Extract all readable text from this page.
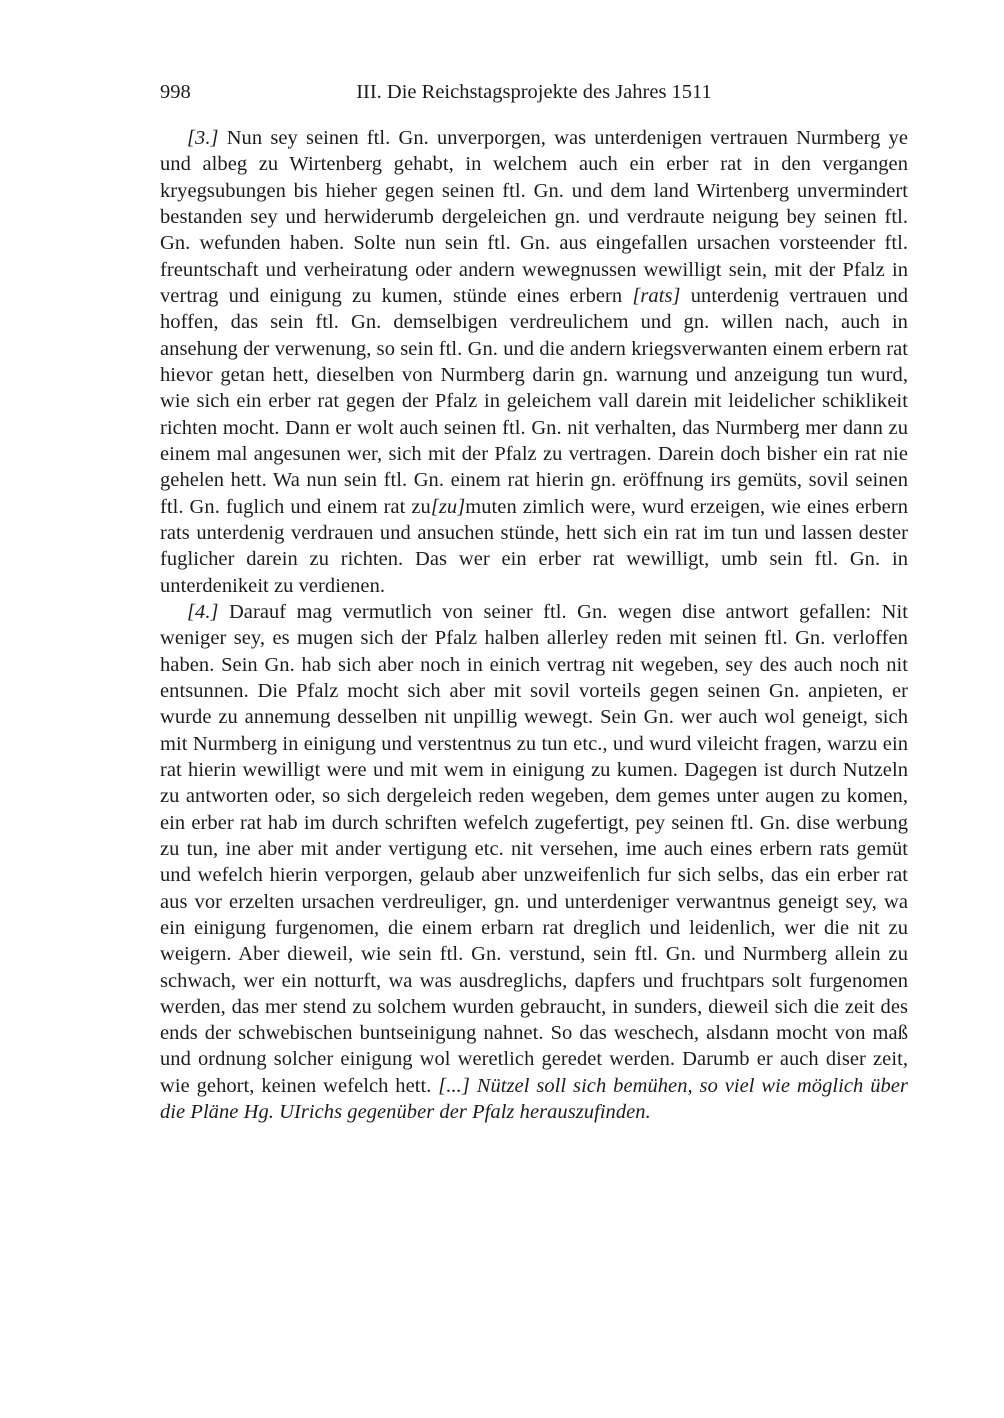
998	III. Die Reichstagsprojekte des Jahres 1511

[3.] Nun sey seinen ftl. Gn. unverporgen, was unterdenigen vertrauen Nurmberg ye und albeg zu Wirtenberg gehabt, in welchem auch ein erber rat in den vergangen kryegsubungen bis hieher gegen seinen ftl. Gn. und dem land Wirtenberg unvermindert bestanden sey und herwiderumb dergeleichen gn. und verdraute neigung bey seinen ftl. Gn. wefunden haben. Solte nun sein ftl. Gn. aus eingefallen ursachen vorsteender ftl. freuntschaft und verheiratung oder andern wewegnussen wewilligt sein, mit der Pfalz in vertrag und einigung zu kumen, stünde eines erbern [rats] unterdenig vertrauen und hoffen, das sein ftl. Gn. demselbigen verdreulichem und gn. willen nach, auch in ansehung der verwenung, so sein ftl. Gn. und die andern kriegsverwanten einem erbern rat hievor getan hett, dieselben von Nurmberg darin gn. warnung und anzeigung tun wurd, wie sich ein erber rat gegen der Pfalz in geleichem vall darein mit leidelicher schiklikeit richten mocht. Dann er wolt auch seinen ftl. Gn. nit verhalten, das Nurmberg mer dann zu einem mal angesunen wer, sich mit der Pfalz zu vertragen. Darein doch bisher ein rat nie gehelen hett. Wa nun sein ftl. Gn. einem rat hierin gn. eröffnung irs gemüts, sovil seinen ftl. Gn. fuglich und einem rat zu[zu]muten zimlich were, wurd erzeigen, wie eines erbern rats unterdenig verdrauen und ansuchen stünde, hett sich ein rat im tun und lassen dester fuglicher darein zu richten. Das wer ein erber rat wewilligt, umb sein ftl. Gn. in unterdenikeit zu verdienen.

[4.] Darauf mag vermutlich von seiner ftl. Gn. wegen dise antwort gefallen: Nit weniger sey, es mugen sich der Pfalz halben allerley reden mit seinen ftl. Gn. verloffen haben. Sein Gn. hab sich aber noch in einich vertrag nit wegeben, sey des auch noch nit entsunnen. Die Pfalz mocht sich aber mit sovil vorteils gegen seinen Gn. anpieten, er wurde zu annemung desselben nit unpillig wewegt. Sein Gn. wer auch wol geneigt, sich mit Nurmberg in einigung und verstentnus zu tun etc., und wurd vileicht fragen, warzu ein rat hierin wewilligt were und mit wem in einigung zu kumen. Dagegen ist durch Nutzeln zu antworten oder, so sich dergeleich reden wegeben, dem gemes unter augen zu komen, ein erber rat hab im durch schriften wefelch zugefertigt, pey seinen ftl. Gn. dise werbung zu tun, ine aber mit ander vertigung etc. nit versehen, ime auch eines erbern rats gemüt und wefelch hierin verporgen, gelaub aber unzweifenlich fur sich selbs, das ein erber rat aus vor erzelten ursachen verdreuliger, gn. und unterdeniger verwantnus geneigt sey, wa ein einigung furgenomen, die einem erbarn rat dreglich und leidenlich, wer die nit zu weigern. Aber dieweil, wie sein ftl. Gn. verstund, sein ftl. Gn. und Nurmberg allein zu schwach, wer ein notturft, wa was ausdreglichs, dapfers und fruchtpars solt furgenomen werden, das mer stend zu solchem wurden gebraucht, in sunders, dieweil sich die zeit des ends der schwebischen buntseinigung nahnet. So das weschech, alsdann mocht von maß und ordnung solcher einigung wol weretlich geredet werden. Darumb er auch diser zeit, wie gehort, keinen wefelch hett. [...] Nützel soll sich bemühen, so viel wie möglich über die Pläne Hg. UIrichs gegenüber der Pfalz herauszufinden.
